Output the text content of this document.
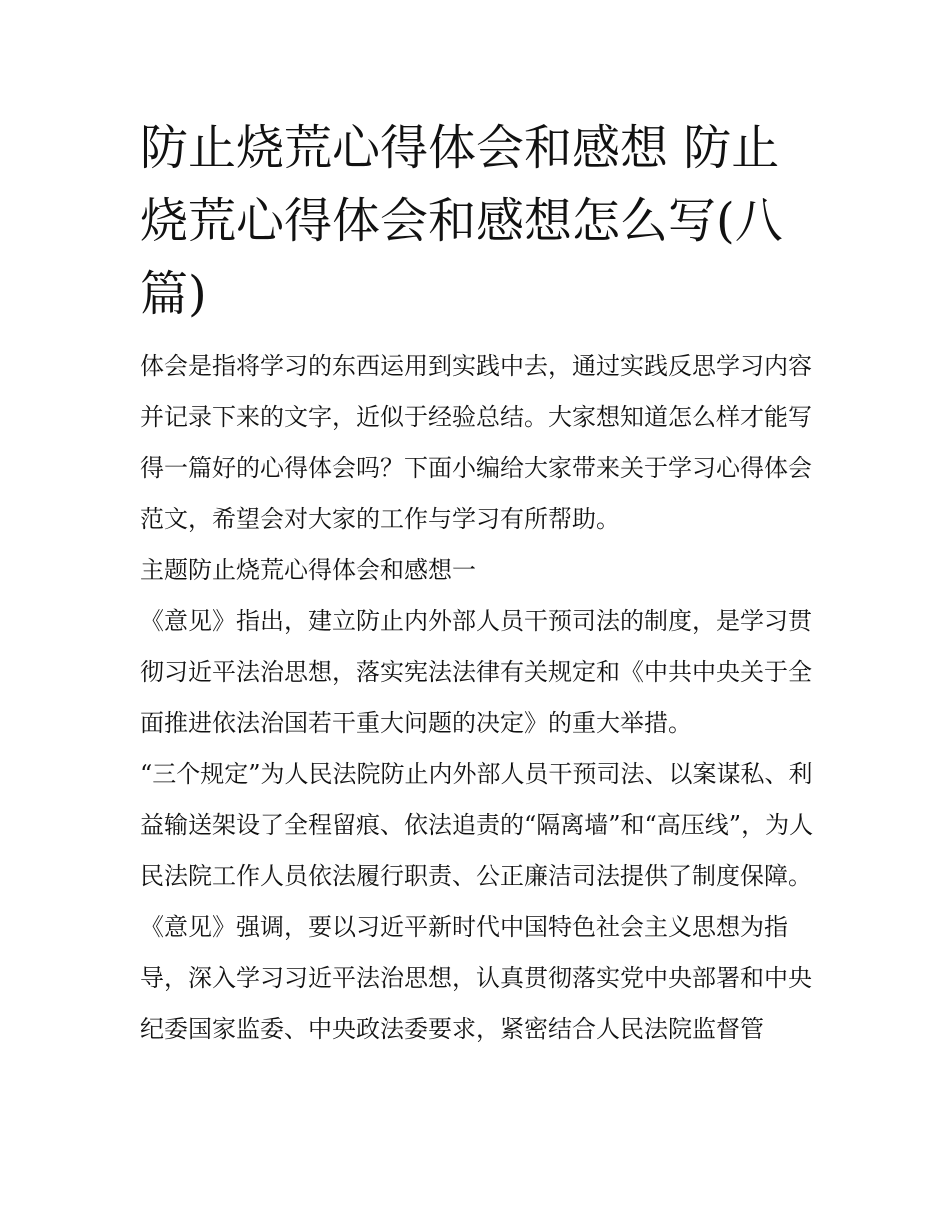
防止烧荒心得体会和感想 防止烧荒心得体会和感想怎么写(八篇)

体会是指将学习的东西运用到实践中去，通过实践反思学习内容并记录下来的文字，近似于经验总结。大家想知道怎么样才能写得一篇好的心得体会吗？下面小编给大家带来关于学习心得体会范文，希望会对大家的工作与学习有所帮助。

主题防止烧荒心得体会和感想一

《意见》指出，建立防止内外部人员干预司法的制度，是学习贯彻习近平法治思想，落实宪法法律有关规定和《中共中央关于全面推进依法治国若干重大问题的决定》的重大举措。

“三个规定”为人民法院防止内外部人员干预司法、以案谋私、利益输送架设了全程留痕、依法追责的“隔离墙”和“高压线”，为人民法院工作人员依法履行职责、公正廉洁司法提供了制度保障。

《意见》强调，要以习近平新时代中国特色社会主义思想为指导，深入学习习近平法治思想，认真贯彻落实党中央部署和中央纪委国家监委、中央政法委要求，紧密结合人民法院监督管
